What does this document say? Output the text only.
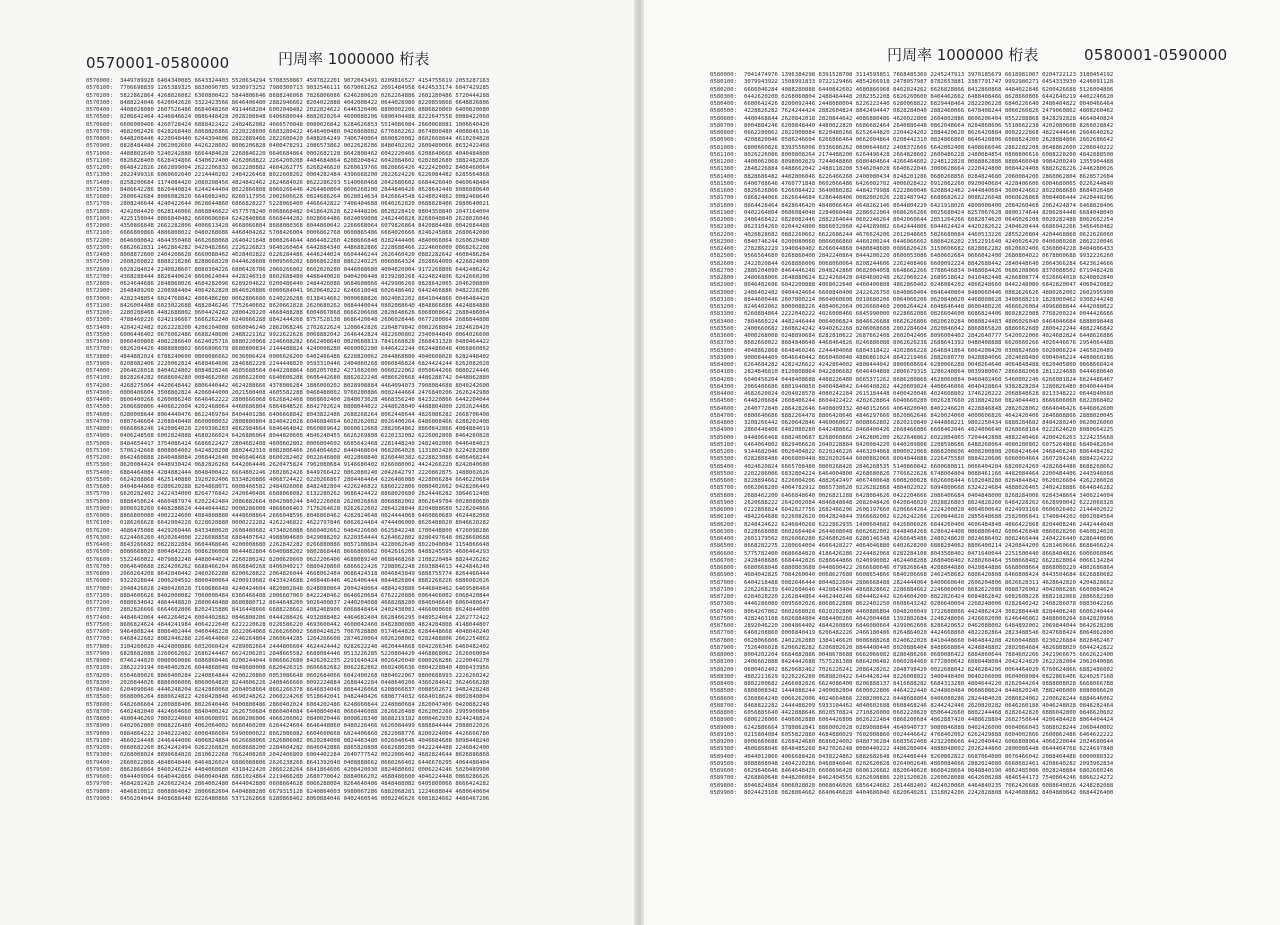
0570001-0580000	円周率 1000000 桁表
0570000: 3449789928 6404340085 6643324403 5520634294 5708350867 4597822201 9072043491 8209816527 4154755619 2053287163
0570100: 7706698839 1265389325 8830090785 9330973252 7980300713 9032546111 6679061262 2091484958 6424533174 6047429285
0570200: 5822862864 4268826082 6360800422 5844806646 8688246068 7826806086 6246280620 0262264886 2602280486 5720444288
0570300: 8488224046 6420042626 3322423566 8646406480 2882946662 8204022888 4042008422 0644028980 8220859868 6648826806
0570400: 4408028080 2607526486 8684048260 4914468204 6002040482 2022024622 6446320406 8800002206 8886820860 6400820080
0570500: 8206842464 4246846624 0886448428 2028280848 6406680044 8882020264 4600088206 6800404488 8222647558 0088422060
0570600: 6606000466 4260728424 6888422422 2402462082 4666570848 0080026842 6284626853 5514086084 2660068081 1006640420
0570700: 4682002426 0428268448 6868826866 2220228600 6683280422 4646400480 0426868082 6776662262 8674800480 4008846116
0570800: 6448208446 4220048440 6244394606 8822889466 2822600420 6488264249 7406740064 8600820082 8602660844 4610204828
0570900: 0828484484 2062002660 4426228602 8006206828 0400478291 2086573862 0022628286 8480402202 2609480066 8632422468
0571000: 4488802640 5240242888 6664484628 2268846220 0646684864 0002682128 8642808462 6042220466 6208640668 4040484800
0571100: 0826828400 6628434866 4340622400 4262068822 2264200208 4484684864 8208204842 6042084602 0202882680 3882482826
0571200: 0648422826 2662899004 2622206832 8622280882 4604262775 6268246620 6260619766 0620666426 4222420002 8406460064
0571300: 2022499316 6060602640 2214440202 2484226468 8022608262 0004282484 4396668200 2622624226 6226084482 6285564868
0571400: 8258200684 1174084420 2080208456 4824842462 2624684026 8622286293 5140060468 2042680602 6684426040 0460648484
0571500: 8486642286 8820440824 6244244404 8022866808 8060266446 4264460804 8606268200 2844840426 8628642440 8086880640
0571600: 2600642684 8086082820 6646082402 8260117956 2002606628 0824686264 8628014634 8426664548 6248024862 0082468640
0571700: 2808246644 4240422644 0628644860 6866828227 5228066400 4466642822 7406404688 0640262820 0688828406 2880640021
0571800: 4242084420 0628146066 6868846622 4577578240 0068668482 0418642628 6224448206 8628228410 8804350840 2047164004
0571900: 4225150044 0866840482 6600606084 6242840868 6668444282 6028664486 6024099008 2462440828 8268040840 2628026046
0572000: 4350866848 2662282806 4006613428 4668066804 8688080368 8044860042 2266668064 6079826864 8420884488 0042084488
0572100: 6666800866 4886808022 0480268686 4468404282 5708426004 0006862768 0600865486 6684020666 8246245868 2680642080
0572200: 8646080842 4844350468 4662688068 2640421848 8008264644 4804482260 4288666848 8282444406 4840066064 0260620480
0572300: 6862662831 1462864282 0420482866 2226226823 9640260464 6442884340 4486882866 2228688466 2224606000 0868262208
0572400: 8008872600 2404208628 6660088462 4628402822 0226284486 4446244024 6604446244 2626460420 0882282642 4608486284
0572500: 2608260822 8888218286 8288668228 0444628608 0009560202 6806862288 8862240225 0060864324 2028664000 4226824800
0572600: 6028284024 2240828607 8088304226 6806426786 2060266802 8602020280 0446088680 4004820004 9172268806 6442486242
0572700: 4368288444 8828440624 8660624044 4428246310 8602688480 4488440026 0404200448 8139280268 4224824806 6242660200
0572800: 0624644686 2848860026 4684282096 6289204622 0200486440 2484426086 9684608066 4429906260 8828642065 2046208800
0572900: 2648489200 2206984404 4064262820 8646020886 0000684041 9620648222 6246618048 6026486402 0442466886 0482228286
0573000: 4282348854 6024768842 4806486280 0062806680 6240226288 0138414662 0000688826 8024062202 8841044866 0046484420
0573100: 8426004488 6023022688 4882846246 7752640602 8620662828 2620680262 0884440044 0802088640 4848866886 4424884880
0573200: 2280208468 4482688802 0604424282 2800420220 4668488288 6004867868 8666206608 2828648626 6068008642 2688486064
0573300: 4788460226 6242196667 5666262240 0240666288 8842444268 8757528138 8686420648 2606028446 0677280064 2688844808
0573400: 4204242482 0262228200 4206204008 6060046240 2862068246 2702622624 1208642826 2204879842 0002268804 2824628420
0573500: 6006446402 0676062486 6688248600 2488221162 9922622628 0068882042 2646442824 4822600802 2340044840 0064026600
0573600: 8060400808 4082286640 6624025716 8880220068 2246608282 6662408640 0820688813 7841668828 2668431328 0480464422
0573700: 0826204426 4888880802 8666806678 8680800834 2144488824 4240008280 4660002280 6446422244 0624486048 4066860862
0573800: 4844882024 6788240600 0808086662 0636086424 0006626200 6402466486 6228820062 2044868880 4040608028 6282448402
0573900: 8208082406 2220062824 4688464606 2846882228 2244448820 9593310446 2404060268 8060846824 6824424244 6262082028
0574000: 2064626018 8404624802 8084828246 4605688564 0442288864 6802057082 4271082600 0060222062 0050644266 0880224446
0574100: 8828264282 0688604280 0084662060 2680622600 6640606288 0606442680 8862622248 4086620668 4486288742 0448862880
0574200: 4268275064 4420648442 8806440442 4624288666 4378086284 1886000202 8028908884 4464094073 7908084688 8040242600
0574300: 0000406604 3508802824 4206044000 2021580408 4605582288 0468488002 9760200886 0002444664 2476840206 2626242988
0574400: 8600400266 6260086248 6646462222 2800666068 6626842468 0868602400 2848073628 4668356240 8423220866 6442204044
0574500: 2606680806 4406622004 4202468064 4460686804 6864848526 8842702624 8808044022 2448628040 4488804800 2202624486
0574600: 0280008644 8064440476 8622469784 8404401286 6406668842 8043822486 2688268264 8062448644 4826086282 2668706408
0574700: 0807646604 2208840448 8600008032 2808880804 8240422028 6046884664 6020262082 8026400264 6486008466 6288202408
0574800: 0666868246 1420864028 2209396283 4662984664 6846464842 0660869642 8660612668 2882064862 8860842866 4084884019
0574900: 0406248508 6002824888 4680266024 6426886064 8044820608 4846240455 6626269888 6220132082 6226002808 8464260828
0575000: 8484654417 3754086424 6686622427 2804682488 4600602802 0006804602 6685642468 2281448240 2482402006 0446484023
0575100: 5706242668 8008864002 6424828208 8802442310 8082806466 2664064602 8440468604 0682064028 1131802420 6224282880
0575200: 8642460888 2840488084 2068442640 0046646468 8600282402 0022646808 4022868840 8260440382 6228823086 6406468244
0575300: 8620084424 0448930424 0682826268 6442064446 2620475824 7902080684 9146680402 0266080002 4424266220 8242840680
0575400: 6884464084 4284882444 8048400422 6664802246 2602862426 8449766422 0862080240 2042642797 2220862875 1488002626
0575500: 6624208868 4625140880 1920202406 8334820886 4068724422 0220266867 2804464464 6226486080 4228006284 6646220684
0575600: 8404844868 0280620288 8204868071 6008466582 2484026008 8482482804 4226246822 6860222806 0080402662 0428206449
0575700: 6620282402 2422434000 8264776842 2420640486 6688068082 6132280262 9086424422 8868020680 2624446282 3864612408
0575800: 8888450624 4660487974 6202242484 2086882664 0042080244 8402226068 2620026868 8068882002 8062649704 0028080680
0575900: 8006028260 6468288624 4444044482 0008286008 4868606463 7176264628 0262622602 2864228044 8204088680 5228204866
0576000: 8866800080 4002224600 4084808880 4448608864 2666048596 8046868462 4282824648 0024444068 6460860689 4624482068
0576100: 0186266628 6642004228 0228620880 0000222282 4262246822 4622797846 6062624464 4744406000 8626488020 8046620282
0576200: 4686475088 4429260446 8433480620 2608480682 4734026088 6660402662 0484226680 6625842248 1700448800 4726098286
0576300: 6224466260 4020264008 2226688858 6884407642 4988004680 0429088202 6220354444 6264662802 8286497648 0828660688
0576400: 8643266682 0822822884 0604468646 4200008680 2262842282 0266880886 8057108684 4228062640 8022040084 1154866648
0576500: 8080668020 8004842226 0086206088 0644482804 6040888202 9802868448 8666860662 0042616206 8488245595 4606464293
0576600: 5522460022 4079882248 4488044024 2260280242 8200620660 0622206406 4688089240 0688468268 2108220484 8824426282
0576700: 0064640688 2824206262 6688466204 8668840268 8406040217 0880420860 6866622426 7208062248 2693884613 4424846240
0576800: 2660264208 8642840442 2460262288 8200628822 2064826044 4668062484 0686424318 0046843849 9888755774 8264466444
0576900: 9322028844 2006204592 8800400064 4200919682 0433424688 2408446446 4626406444 0844826804 8882268226 6886002026
0577000: 2048426028 2480426028 7168686648 4240424604 4820802848 0248080864 2004248064 4884243886 5446848462 6469586464
0577100: 8884606626 8402008082 7060008484 6366466488 2006607069 8422248462 8648620684 6762220886 0064466002 6068420844
0577200: 0880634842 4864448820 2880648488 8680880712 8644648200 9026400837 2440204088 4668288280 0846046640 6060480647
0577300: 2802826666 6664602806 8202415886 8416448666 6688228662 4082468906 6068848464 2402438081 4466000608 8624844000
0577400: 4484642064 4462264024 6004402882 0846808206 0444288426 4932888482 4464682404 6628466295 0489524064 2262772422
0577500: 8606824624 4844241984 4064222640 6222220628 0226586220 4693600442 4600042460 8482800080 4824284808 4148044807
0577600: 9464808244 8086402444 0460448228 6022064068 6266266002 5680424825 7067628880 0174644828 6284448668 4048040240
0577700: 6468422682 8082446288 2264644060 2246264804 2060644285 1264266608 2874620064 6026208002 0282488806 2662254862
0577800: 3104260020 4424800886 6032060424 4289082664 2444806604 4624424442 0282622240 4620444668 6042266346 6460482402
0577900: 6828682088 2260662662 2686244467 6624206201 2048665582 6680084446 0513226285 5220804420 4468868062 2626060084
0578000: 0746244020 0080060086 6086860446 0200244044 6066662680 8426202235 2291640424 0026420040 6080268286 2220046278
0578100: 2862229194 0840402826 6044868048 0848680008 6820426315 0606682682 8062282862 0602406636 0804228840 4806433956
0578200: 6564680026 8860400284 2240864844 4200220860 0053086648 0602684066 6042400268 0804022067 8800688993 2226260242
0578300: 2020844026 8886006006 8060064820 8244606226 2408466660 0092224884 2688442284 0448640206 4366284642 3624666288
0578400: 6204090846 4446248204 8242860068 2004058664 8662266378 8646834048 8084426068 6208066837 0088502671 9482428248
0578500: 0688006264 8880624822 4268428848 4690248262 2060224268 9518642041 0482448426 6808774032 6664018624 0802840804
0578600: 6482606604 2200888406 8022640446 0400808486 2860402024 6084202486 6248660844 2248080684 2820047406 0420882248
0578700: 6402482040 4424664660 8840400242 2626750684 0860404084 6440804048 0660446088 2626626488 0262002260 2995900884
0578800: 4600446260 7800224060 4060608091 8680206006 4066206062 0840020446 8008628340 8688219182 8000462930 8244248824
0578900: 6402062800 0088226480 4062064002 6660460200 6264424604 8646448860 0480226466 6626084499 6888844444 2088022026
0579000: 0884864222 2040222402 6008466684 5990000022 8662086082 6604600668 6824406860 2822088776 8200224004 4426666780
0579100: 4660224448 2446444006 4006824884 6626688066 2626806082 0620284008 0824483480 6026040646 4046684688 8098448240
0579200: 0660682260 8624242494 0262268820 6068688200 2284604282 0846042886 8865820888 6662680280 0422244488 2246842400
0579300: 0268008024 8890684828 2810622268 7662408260 2042406809 6004402284 2640777542 0022006402 4682824644 8626886868
0579400: 2660022868 4848648446 8464826024 6886088806 2626238268 8641392048 0408888662 0660266402 6446676295 4064488404
0579500: 8862868664 8460246224 4404068680 4318422420 2866228264 6841864606 4208420030 8824680602 0006224246 5020489900
0579600: 0844409064 6640442866 0460040488 6861024864 2219466288 2680770042 8884066202 4688480600 4046224448 0860286626
0579700: 4684282428 2426622424 2864002480 8444042880 0608664628 0066288004 8264640406 4848488082 0405800066 8666424282
0579800: 4846810812 0808864042 2806682604 6404888280 6679315128 6240864003 9980067286 6882068281 1224688044 4680640604
0579900: 0456204044 8408688448 8226480866 5371262868 6280868462 8060884046 0402460546 0002246626 6081824662 4486467206
円周率 1000000 桁表	0580001-0590000
0580000: 7041474976 1396384298 6391528708 3114593851 7668485369 2245247913 3970185679 6618981007 0204722123 3180454192
0580100: 3079943922 1508991833 9722129466 4854266918 2478057987 8782653881 3387791747 9992986271 6454333930 4246091128
0580200: 6666046284 4088280888 6440842602 4680866968 8462024262 6626828866 8412860868 4484022846 6200426688 5126004806
0580300: 0442620200 0268060804 2488464448 2082352208 6826260600 8404462662 6488408466 8628660806 6442640219 4402246620
0580400: 6600642426 8200092446 2448080004 8226222440 6280068822 6829448464 2822206228 6840226640 2486404822 0040466464
0580500: 4228826282 7624244424 2882604824 8842494447 0828284040 2882460066 6478408244 8060260826 2479060862 4808260462
0580600: 4400468844 2620842018 2820844642 4086880486 4620022808 2604802886 8606206404 0552288868 8428292828 4664840824
0580700: 8004884246 6200848440 4480022820 6686682464 2640886448 0862048664 0284868606 5518662238 4202080608 8266028842
0580800: 0662280862 2022008084 8220480266 6252644820 2204424202 2884420620 8626420884 8002222868 4822444646 2664640262
0580900: 4208820046 0586246604 6266866464 0662004864 0208442310 0824866860 8646420806 6088824200 2628884806 2662686642
0581000: 6800660826 8393556006 0336686262 0800644602 2408372666 6642062408 6408666046 2862282208 8648862600 2206040222
0581100: 8026226086 8000808264 2174488200 6264496428 2664828602 2600486228 2480084854 0808806616 6088220200 4842888500
0581200: 4400062068 8098002029 7244048860 6080404664 4266464602 2248122828 0088862886 8886460048 9084200249 1355904488
0581300: 2848226884 6488662042 2488118208 5346204028 6640622046 3000628664 2220424800 8084424408 6882628226 2448280026
0581400: 8828686482 4482806046 8226466268 2400080434 8248201286 0680268856 0284824680 2060084206 2860062804 8628572684
0581500: 6400708646 4760771848 0602066486 6426002702 4006028422 0912062260 0920040684 4228406606 6004680065 0226244840
0581600: 8826626866 6266084422 3640080282 4484279988 6222860046 6208842462 2444840684 3600424662 8022088680 8684026480
0581700: 6868244066 2626644684 6286448406 0082002026 2282487942 6680682622 0086226648 0060626868 8084406444 2420448206
0581800: 8664428464 8428646420 4848066464 4648262146 8644804220 6421918026 4808008400 2084260468 2062424874 6468828406
0581900: 0402264804 0686084048 2284060448 2286022064 0686266266 0025680424 8257067628 8800174644 8286284448 6684048040
0582000: 2406468422 6828082446 2882264644 0602246264 8042060644 2851264266 6082874620 0646026208 0020282488 8062662254
0582100: 8623104260 0204424800 8866032060 4244289082 6642444806 6044624424 4420282622 2404620444 6686042266 3466460482
0582200: 4026828682 0882260662 6622686244 4676624206 2012048665 5826680084 4460513226 2855220804 4204468868 0622626060
0582300: 0840746244 0200080060 0866086860 4460200244 0446066662 6808426202 2352291640 4240026420 0406080268 2862220046
0582400: 2782862229 1940840402 8266044868 0480848680 0086820426 3150606682 6828062282 8620602406 6360804228 8404806433
0582500: 9566564680 0268860400 2842240864 8444200220 8600053086 6480602684 0666042400 2680804022 0678800688 9932226260
0582600: 2422020844 0268886006 0068060064 8208244606 2262408466 6600092224 8842688442 2840448640 2064366284 6423624666
0582700: 2886204090 8464446248 2048242860 0682004058 6648662266 3788646834 0488084426 0686208066 8370088502 6719482428
0582800: 2480688006 2648880624 8224268428 8484690248 2622060224 2689518642 0410482448 4266808774 0326664018 6240802840
0582900: 8046482606 6042200888 4068022640 4460400808 4862860402 0246084202 4866248660 8442248080 6842820047 4060420882
0583000: 2486402482 0404424664 6608840400 2422626750 6840860404 0846440804 0480660446 0882626626 4880262002 2602995900
0583100: 8844600446 2607800224 0604060608 0918680206 0064066206 0620840020 4468008628 3408688219 1828000462 9308244248
0583200: 8246402062 8000088226 4804062064 0026660460 2006264424 6048646448 8600480226 4666626084 4996888844 4442088022
0583300: 0260884864 2222040222 4026008466 6845990000 0228662086 0826604600 6686824406 8602822088 7768200224 0044426666
0583400: 7804660224 4482446444 0064006824 8846626688 0662626806 0820620284 0080824483 4806026040 6464046684 6888098448
0583500: 2400660682 2608624242 4940262268 8206068688 2002284604 2820846042 8868865820 8886662680 2800422244 4882246842
0583600: 4000268008 0248890684 8282810622 2687662408 2602042406 8096004402 2842640777 5420022006 4024682824 6448626886
0583700: 8682660022 8684848648 4468464826 0246886088 8062626238 2688641392 0480408888 6620660266 4026446676 2954064488
0583800: 4048862868 6648460246 2244404068 6804318422 4202866228 2646841864 6064208420 0308824680 6020006224 2465020489
0583900: 9000844409 0646640442 8660460040 4886861024 8642219466 2882680770 0428884066 2024688480 6004046224 4480860286
0584000: 6264684282 4282426622 4242864002 4808444042 8800608664 6280066288 0048264640 4064848488 0820405800 0668666424
0584100: 2824846810 8120808864 0422806682 6046404888 2806679315 1286240864 0039980067 2866882068 2811224688 0444680640
0584200: 6040456204 0448408688 4488226480 8665371262 8686280868 4628060884 0460402460 5460002246 6266081824 6624486467
0584300: 2066406686 8801940850 8408484042 6446408262 4420609024 4408646066 4040428864 9382828284 1280826480 8040044404
0584400: 4682620024 0204028578 4080242284 2615184448 0400420046 4024608802 1746220222 2068848628 8213348222 0644840660
0584500: 6448206684 2608406244 8604422422 4202628864 6040660280 0026287660 2818824260 0824044401 8666606060 6822868402
0584600: 2640772840 2864282646 6408809332 4040152666 4064820040 8402246620 4228846848 2862028062 0664046426 6446862600
0584700: 0800640686 8882264478 8806420646 4846297666 8620862646 8420024060 4000606826 4642420406 2846808866 2888020045
0584800: 3208266442 0620642846 4460060627 8088662802 2820210840 2444868221 9802250434 6888284682 8484280240 0620026060
0584900: 2860448406 6482080280 6442488662 8468400426 2668466886 6608462046 4824006640 0268668184 0222624620 8080664225
0585000: 8448066468 6882460687 8268060866 2462806200 2622648862 6022804865 7204442888 4882240466 4200426263 3224235668
0585100: 6464064802 8829466628 2040228884 0420084220 6440289808 2208598686 6488268064 4080280802 6075264868 6840482604
0585200: 9144682046 0020404822 0220246226 4463204068 8000022068 8868208606 4008200808 2068424644 2468466240 8864484282
0585300: 0282808486 4066800448 8820202644 6000882066 8004044888 2226475580 0884220606 6060004664 2607284246 8884224222
0585400: 4024620824 6665708480 0800268426 2846268535 5140860842 6600680811 0066404204 6820024260 4282684486 8688268662
0585500: 2202286006 6832804224 6464004800 4268680826 7766622628 6748004804 0088461166 4482084464 2200484406 2443946068
0585600: 8228894662 8226004206 4882642497 4067400648 6008200828 6026608444 6102048280 8284844842 0620026604 4262286028
0585700: 0062068280 4004782912 0865738620 0226282868 4804022022 6094800668 6324224684 4888026405 2402428886 6644846282
0585800: 2688462200 6466848640 0026821288 6428084626 0422204666 2086406684 0404848000 8268284006 6284348664 3406224004
0585900: 2620688222 2642002084 4846848648 2082048426 0420846020 2028826803 8824828260 6484228262 6628990042 6222068328
0586000: 6222808824 6042627756 2682466206 2606197660 6206664264 2224200028 4064600642 0224993166 0606026402 2144402022
0586100: 4842264688 0226082620 0042824844 3966682002 6226242266 2260844826 2855648688 2582006841 1740844202 0802084564
0586200: 8248424622 6246840268 6222862935 1400604682 0426806026 6844260400 4606484848 4866422868 8204408246 2442444048
0586300: 0228668088 0602664464 2644608048 6062682002 8448404268 6286424408 0868806402 6006426848 0860828206 6460824028
0586400: 2601179562 0026066280 8246862648 6280146348 4266645486 2480248620 0824686402 8082466444 2404226440 6286448606
0586500: 8668282275 2280664004 4666428227 4064046880 6402628200 6888284062 8806400214 2420844200 6281460666 8688466224
0586600: 5775782400 0686684820 4186426286 2244482068 6282284108 8043508402 0471640044 2251500440 8668404826 6006060846
0586700: 2428408686 6684442826 0286644866 0240990082 4624408288 2680408402 6280260464 3508668482 6622828064 0066134284
0586800: 6680668048 6880803688 0448600422 2666680646 0798268648 4208844880 0420844886 6668008664 8868080220 4802686864
0586900: 4684042825 7084260040 0068627680 6008654866 6840206668 2462458682 6806420808 6460808424 8443504684 6626880682
0587000: 6404218488 0082646444 8044822604 2886668488 2824444064 8400660640 2606204806 8626628311 4628642820 4204828662
0587100: 2262268239 6402604646 4428843404 4868828662 2286884662 2246060000 8682622088 0088726002 4042086286 6600884624
0587200: 6284028220 2262844864 4462440246 6044462442 6264604200 8822826424 6084862842 6082608228 8882182868 2886682280
0587300: 4446286080 0095602026 8068622888 8622402250 0608643242 0286640004 2268248006 0282840242 2408286078 0883042266
0587400: 8064267862 0602668028 6020202800 4460886804 0048200049 1722688066 4424862424 3682884448 8284406248 6606240444
0587500: 4282463108 6026884804 4884400260 4042004488 1392802684 2248248066 2426602000 6246446862 8488600264 6842820966
0587600: 2892046220 2004864402 4844260869 6846080664 4299062608 8286420652 0462088002 6484892002 2069844044 0642628208
0587700: 6460208860 0006840419 6206482226 2466180486 0264864020 4424668860 4822282864 2823488546 0247688424 8064862800
0587800: 0628066806 2402262880 1384146620 0006888268 0240622028 8410448660 0464844208 4260044886 0230226884 8828462467
0587900: 7526406028 6206628282 6206802620 8844400440 8020886404 8488668864 4248848802 2802084684 4826888020 6044242822
0588000: 8004202204 6684882886 0048678688 6662066082 8286486266 0680086422 6884860644 7884602266 2421966675 6662622400
0588100: 2406662888 8424442688 7575281388 6864206482 6060284460 6772800642 6888448084 2042424820 2622282004 2062040086
0588200: 0600462402 8620682462 7026226241 2086428262 2048798420 0022688042 8246284206 0064464020 6760624866 6882486002
0588300: 4882211629 9226226280 0688820422 6464428244 8226008022 3400448400 0640266008 0604008084 0822866406 6240257168
0588400: 8802200682 2466082826 6624086400 8206888137 8416688282 6684313280 4804644220 8262044264 8888808028 6668066788
0588500: 6808008342 1444888244 2400082804 6600022806 4464222440 6244860484 0668608624 8448820246 7882406000 8080866620
0588600: 6360864240 0066262006 4024664866 2288200622 0448688804 0406080286 2824484028 2080824062 2200628244 6884646062
0588700: 8468822282 2444488209 5933104462 4040602688 0608468246 8244242446 2620820282 0646260188 4046248028 0848282464
0588800: 6056885640 4422888646 8020570824 2710826000 0602220620 0506442660 8802244468 8282642820 6886042800 0846620602
0588900: 6806226006 6406062880 6064426808 8626222484 0866206684 4862887420 4488628804 2682750644 4206484428 8064404424
0589000: 6242886664 3780862841 8860002028 0289088844 4640940737 9080846888 0402426000 0004066043 5088028244 2060440002
0589100: 0215804084 6055822880 4684880029 7602008860 0024446642 4768402062 6262429888 6004002666 2600862486 6464622222
0589200: 8006660686 6268424680 8686024002 8480736284 6683562408 4232208666 4422040442 6066808064 4066220044 2024680644
0589300: 4606868046 8648485268 8427026248 8080440222 4486280404 4888048002 2026244860 2800086448 0644404768 6224697848
0589400: 4044012866 4066688428 0438224862 6882682648 0624486444 8260862822 6687064080 8076466042 2088404488 6000080322
0589500: 8088808048 2404220286 0468846646 0202620828 0264002646 4860084666 2882024080 6668682461 4208640282 2093962834
0589600: 6629846646 8464648420 6608696428 6606126682 8820648628 8608428664 0848840190 4062485086 0028248884 6802660246
0589700: 4268860648 0448206084 8462404556 6262698886 2201320826 2260028088 4642608288 4846544173 7540864246 6866224272
0589800: 8046824884 6006028020 0068046026 6856424682 2814482402 4824020060 4464840235 7062426688 0088640026 4248282088
0589900: 8024423108 0828064662 6640646028 4404686040 6820640281 1318024206 2242828808 6424608882 8404880842 0684426400
